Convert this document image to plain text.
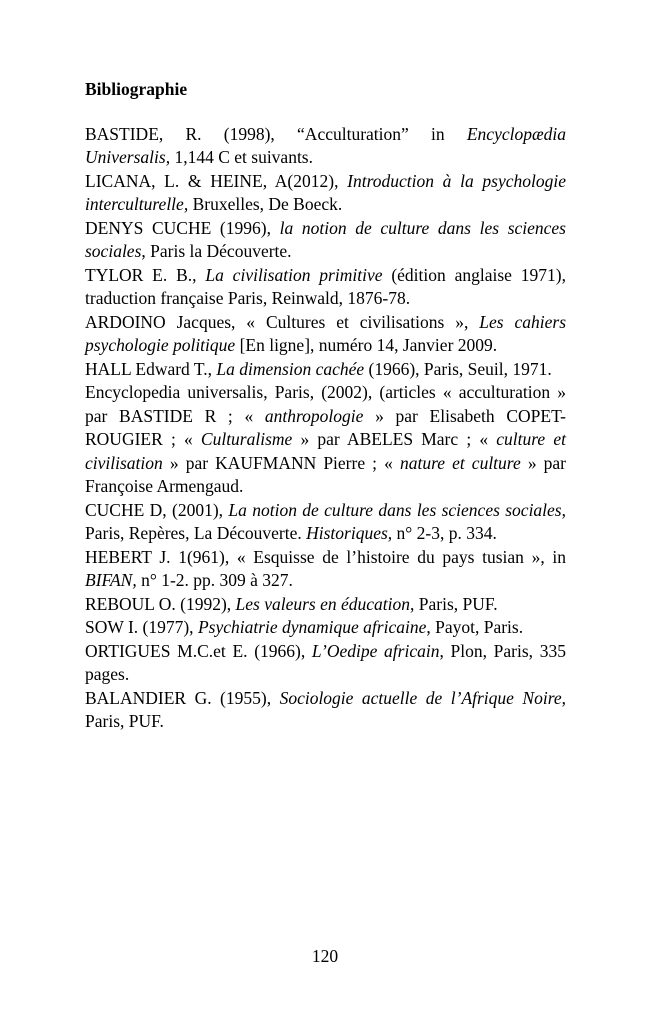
Bibliographie

BASTIDE, R. (1998), “Acculturation” in Encyclopædia Universalis, 1,144 C et suivants.

LICANA, L. & HEINE, A(2012), Introduction à la psychologie interculturelle, Bruxelles, De Boeck.

DENYS CUCHE (1996), la notion de culture dans les sciences sociales, Paris la Découverte.

TYLOR E. B., La civilisation primitive (édition anglaise 1971), traduction française Paris, Reinwald, 1876-78.

ARDOINO Jacques, « Cultures et civilisations », Les cahiers psychologie politique [En ligne], numéro 14, Janvier 2009.

HALL Edward T., La dimension cachée (1966), Paris, Seuil, 1971.

Encyclopedia universalis, Paris, (2002), (articles « acculturation » par BASTIDE R ; « anthropologie » par Elisabeth COPET-ROUGIER ; « Culturalisme » par ABELES Marc ; « culture et civilisation » par KAUFMANN Pierre ; « nature et culture » par Françoise Armengaud.

CUCHE D, (2001), La notion de culture dans les sciences sociales, Paris, Repères, La Découverte. Historiques, n° 2-3, p. 334.

HEBERT J. 1(961), « Esquisse de l’histoire du pays tusian », in BIFAN, n° 1-2. pp. 309 à 327.

REBOUL O. (1992), Les valeurs en éducation, Paris, PUF.

SOW I. (1977), Psychiatrie dynamique africaine, Payot, Paris.

ORTIGUES M.C.et E. (1966), L’Oedipe africain, Plon, Paris, 335 pages.

BALANDIER G. (1955), Sociologie actuelle de l’Afrique Noire, Paris, PUF.

120
